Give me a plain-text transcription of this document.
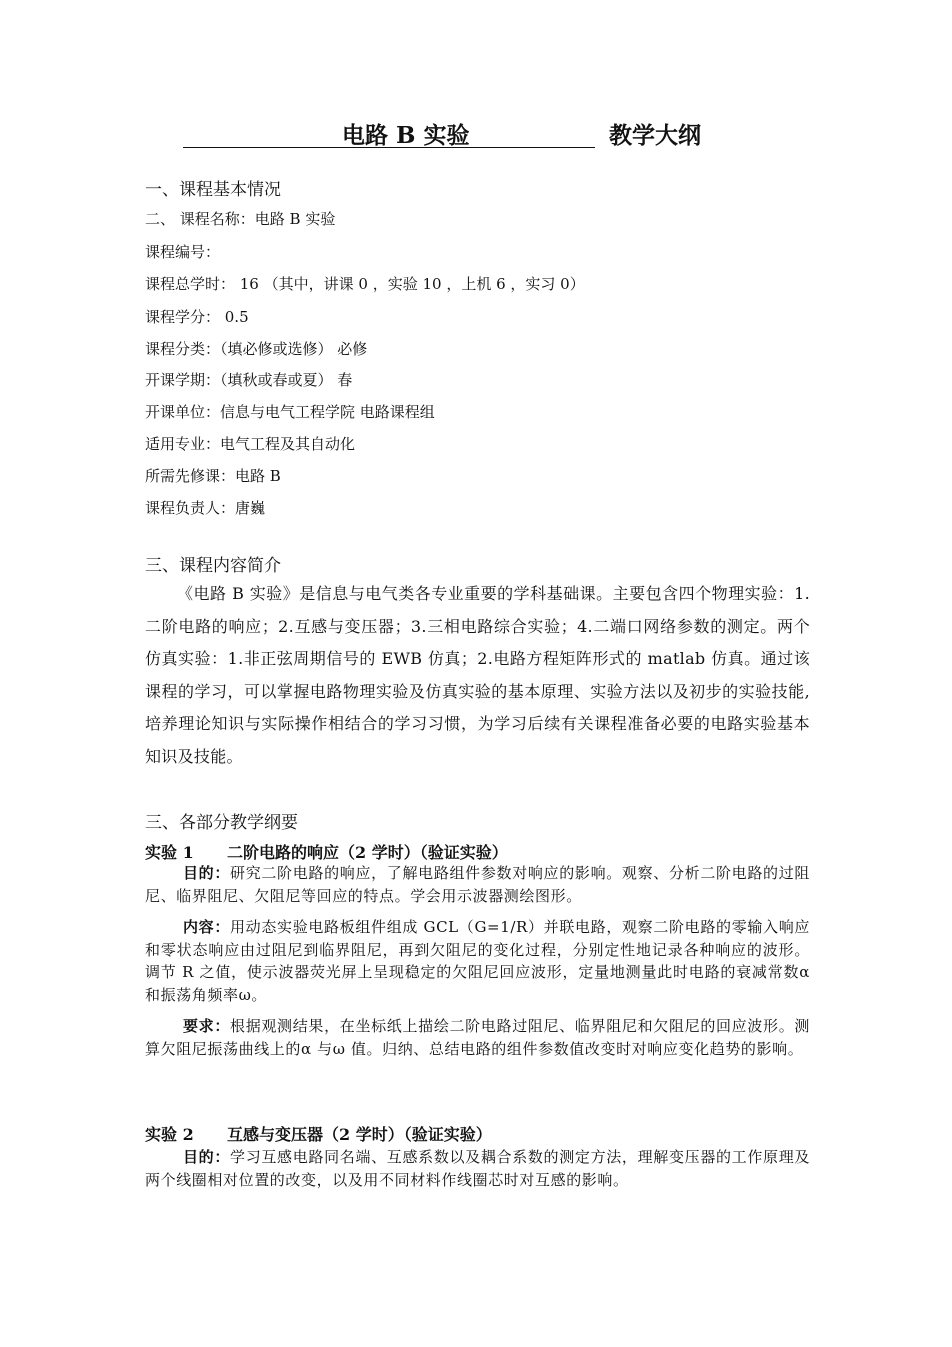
电路 B 实验	教学大纲
一、课程基本情况
二、 课程名称：电路 B 实验
课程编号：
课程总学时： 16 （其中，讲课 0 ，实验 10 ，上机 6 ，实习 0）
课程学分： 0.5
课程分类：（填必修或选修） 必修
开课学期：（填秋或春或夏） 春
开课单位：信息与电气工程学院 电路课程组
适用专业：电气工程及其自动化
所需先修课：电路 B
课程负责人：唐巍
三、课程内容简介
《电路 B 实验》是信息与电气类各专业重要的学科基础课。主要包含四个物理实验：1.二阶电路的响应；2.互感与变压器；3.三相电路综合实验；4.二端口网络参数的测定。两个仿真实验：1.非正弦周期信号的 EWB 仿真；2.电路方程矩阵形式的 matlab 仿真。通过该课程的学习，可以掌握电路物理实验及仿真实验的基本原理、实验方法以及初步的实验技能,培养理论知识与实际操作相结合的学习习惯，为学习后续有关课程准备必要的电路实验基本知识及技能。
三、各部分教学纲要
实验 1 二阶电路的响应（2 学时）（验证实验）
目的：研究二阶电路的响应，了解电路组件参数对响应的影响。观察、分析二阶电路的过阻尼、临界阻尼、欠阻尼等回应的特点。学会用示波器测绘图形。
内容：用动态实验电路板组件组成 GCL（G=1/R）并联电路，观察二阶电路的零输入响应和零状态响应由过阻尼到临界阻尼，再到欠阻尼的变化过程，分别定性地记录各种响应的波形。调节 R 之值，使示波器荧光屏上呈现稳定的欠阻尼回应波形，定量地测量此时电路的衰减常数α 和振荡角频率ω。
要求：根据观测结果，在坐标纸上描绘二阶电路过阻尼、临界阻尼和欠阻尼的回应波形。测算欠阻尼振荡曲线上的α 与ω 值。归纳、总结电路的组件参数值改变时对响应变化趋势的影响。
实验 2 互感与变压器（2 学时）（验证实验）
目的：学习互感电路同名端、互感系数以及耦合系数的测定方法，理解变压器的工作原理及两个线圈相对位置的改变，以及用不同材料作线圈芯时对互感的影响。
